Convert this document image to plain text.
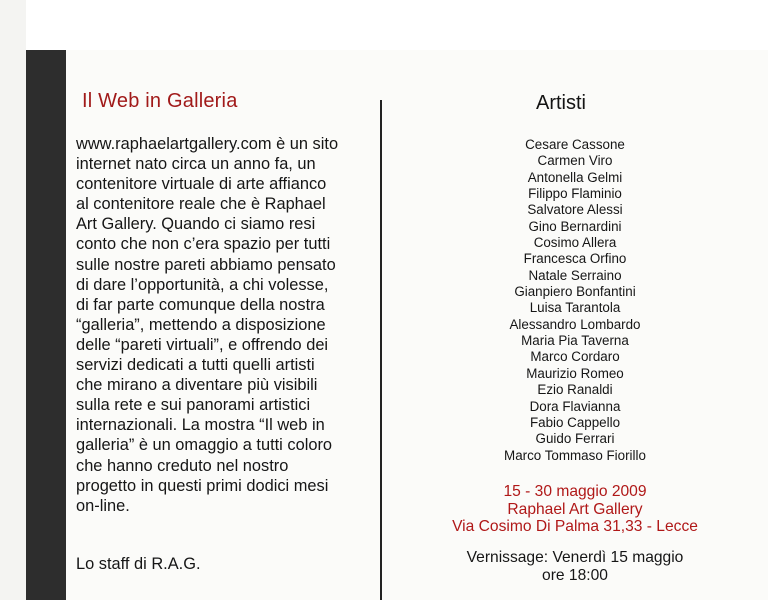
Il Web in Galleria
www.raphaelartgallery.com è un sito
internet nato circa un anno fa, un
contenitore virtuale di arte affianco
al contenitore reale che è Raphael
Art Gallery. Quando ci siamo resi
conto che non c’era spazio per tutti
sulle nostre pareti abbiamo pensato
di dare l’opportunità, a chi volesse,
di far parte comunque della nostra
“galleria”, mettendo a disposizione
delle “pareti virtuali”, e offrendo dei
servizi dedicati a tutti quelli artisti
che mirano a diventare più visibili
sulla rete e sui panorami artistici
internazionali. La mostra “Il web in
galleria” è un omaggio a tutti coloro
che hanno creduto nel nostro
progetto in questi primi dodici mesi
on-line.
Lo staff di R.A.G.
Artisti
Cesare Cassone
Carmen Viro
Antonella Gelmi
Filippo Flaminio
Salvatore Alessi
Gino Bernardini
Cosimo Allera
Francesca Orfino
Natale Serraino
Gianpiero Bonfantini
Luisa Tarantola
Alessandro Lombardo
Maria Pia Taverna
Marco Cordaro
Maurizio Romeo
Ezio Ranaldi
Dora Flavianna
Fabio Cappello
Guido Ferrari
Marco Tommaso Fiorillo
15 - 30 maggio 2009
Raphael Art Gallery
Via Cosimo Di Palma 31,33 - Lecce
Vernissage: Venerdì 15 maggio
ore 18:00
